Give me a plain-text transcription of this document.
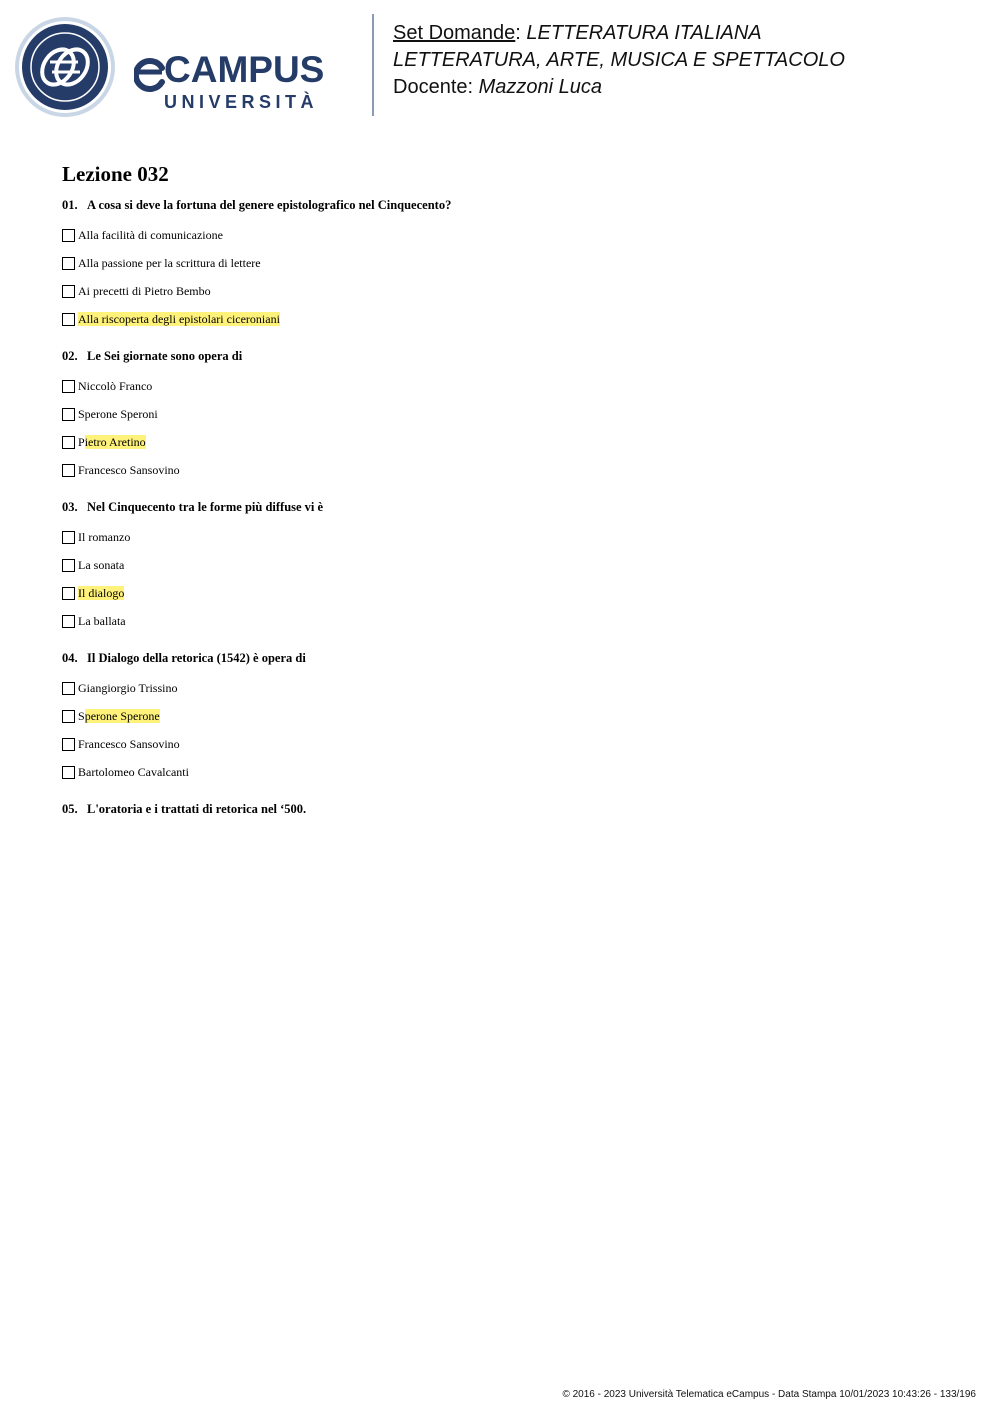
CAMPUS
UNIVERSITÀ
Set Domande: LETTERATURA ITALIANA
LETTERATURA, ARTE, MUSICA E SPETTACOLO
Docente: Mazzoni Luca
Lezione 032

01. A cosa si deve la fortuna del genere epistolografico nel Cinquecento?

Alla facilità di comunicazione
Alla passione per la scrittura di lettere
Ai precetti di Pietro Bembo
Alla riscoperta degli epistolari ciceroniani

02. Le Sei giornate sono opera di

Niccolò Franco
Sperone Speroni
Pietro Aretino
Francesco Sansovino

03. Nel Cinquecento tra le forme più diffuse vi è

Il romanzo
La sonata
Il dialogo
La ballata

04. Il Dialogo della retorica (1542) è opera di

Giangiorgio Trissino
Sperone Sperone
Francesco Sansovino
Bartolomeo Cavalcanti

05. L'oratoria e i trattati di retorica nel ‘500.

© 2016 - 2023 Università Telematica eCampus - Data Stampa 10/01/2023 10:43:26 - 133/196
